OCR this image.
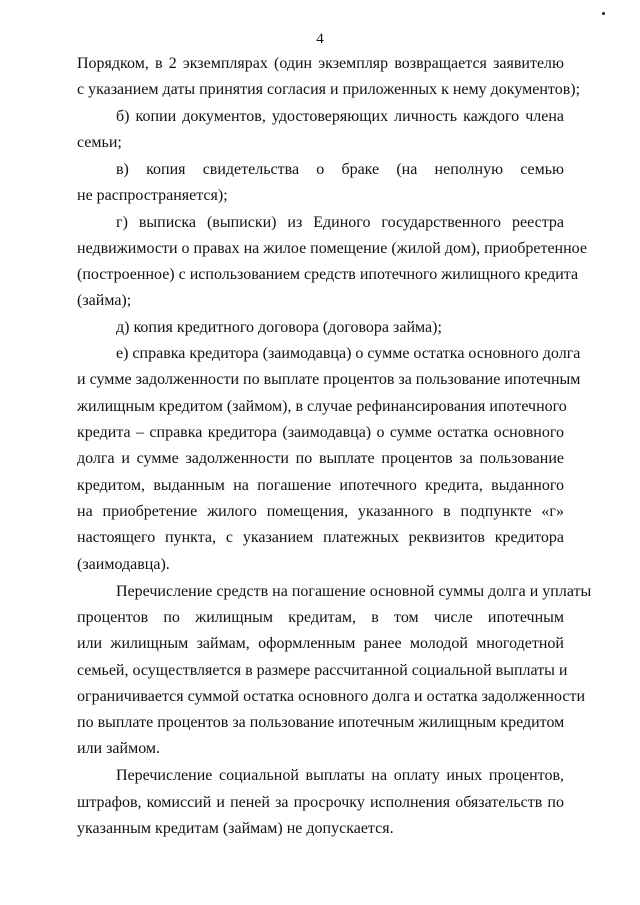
4
Порядком, в 2 экземплярах (один экземпляр возвращается заявителю
с указанием даты принятия согласия и приложенных к нему документов);
б) копии документов, удостоверяющих личность каждого члена
семьи;
в) копия свидетельства о браке (на неполную семью
не распространяется);
г) выписка (выписки) из Единого государственного реестра
недвижимости о правах на жилое помещение (жилой дом), приобретенное
(построенное) с использованием средств ипотечного жилищного кредита
(займа);
д) копия кредитного договора (договора займа);
е) справка кредитора (заимодавца) о сумме остатка основного долга
и сумме задолженности по выплате процентов за пользование ипотечным
жилищным кредитом (займом), в случае рефинансирования ипотечного
кредита – справка кредитора (заимодавца) о сумме остатка основного
долга и сумме задолженности по выплате процентов за пользование
кредитом, выданным на погашение ипотечного кредита, выданного
на приобретение жилого помещения, указанного в подпункте «г»
настоящего пункта, с указанием платежных реквизитов кредитора
(заимодавца).
Перечисление средств на погашение основной суммы долга и уплаты
процентов по жилищным кредитам, в том числе ипотечным
или жилищным займам, оформленным ранее молодой многодетной
семьей, осуществляется в размере рассчитанной социальной выплаты и
ограничивается суммой остатка основного долга и остатка задолженности
по выплате процентов за пользование ипотечным жилищным кредитом
или займом.
Перечисление социальной выплаты на оплату иных процентов,
штрафов, комиссий и пеней за просрочку исполнения обязательств по
указанным кредитам (займам) не допускается.
